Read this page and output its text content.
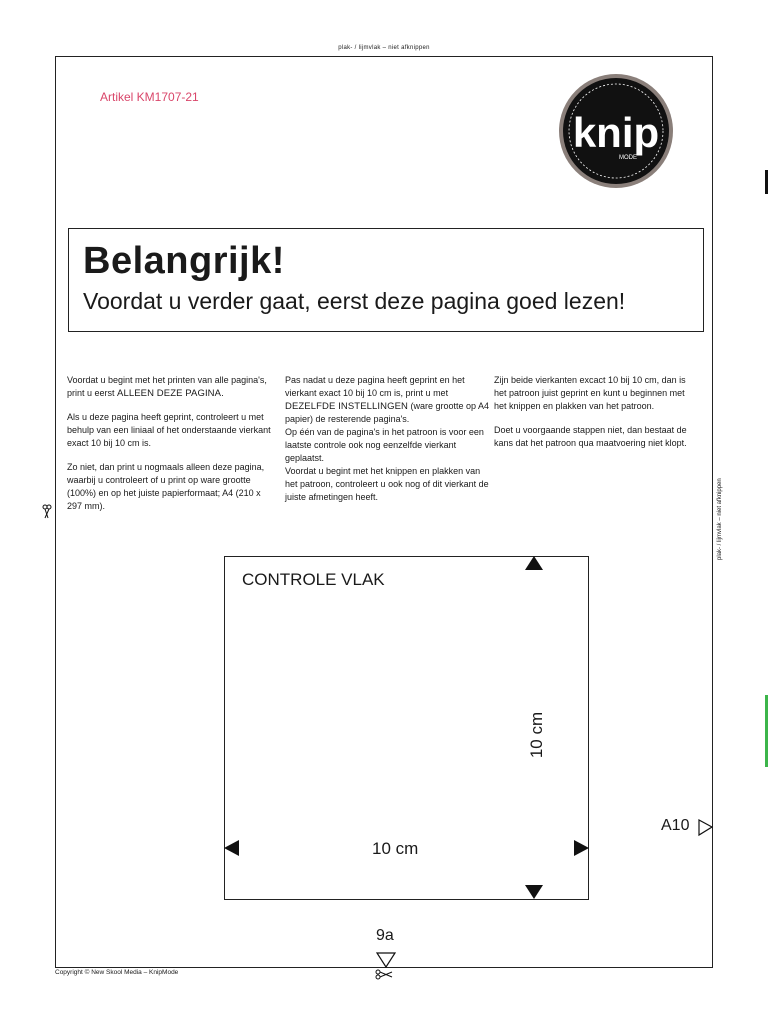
plak- / lijmvlak – niet afknippen
Artikel KM1707-21
knip
MODE
Belangrijk!
Voordat u verder gaat, eerst deze pagina goed lezen!

Voordat u begint met het printen van alle pagina's, print u eerst ALLEEN DEZE PAGINA.

Als u deze pagina heeft geprint, controleert u met behulp van een liniaal of het onderstaande vierkant exact 10 bij 10 cm is.

Zo niet, dan print u nogmaals alleen deze pagina, waarbij u controleert of u print op ware grootte (100%) en op het juiste papierformaat; A4 (210 x 297 mm).

Pas nadat u deze pagina heeft geprint en het vierkant exact 10 bij 10 cm is, print u met DEZELFDE INSTELLINGEN (ware grootte op A4 papier) de resterende pagina's.

Op één van de pagina's in het patroon is voor een laatste controle ook nog eenzelfde vierkant geplaatst.

Voordat u begint met het knippen en plakken van het patroon, controleert u ook nog of dit vierkant de juiste afmetingen heeft.

Zijn beide vierkanten excact 10 bij 10 cm, dan is het patroon juist geprint en kunt u beginnen met het knippen en plakken van het patroon.

Doet u voorgaande stappen niet, dan bestaat de kans dat het patroon qua maatvoering niet klopt.

CONTROLE VLAK
10 cm
10 cm
plak- / lijmvlak – niet afknippen
A10
9a
Copyright © New Skool Media – KnipMode
